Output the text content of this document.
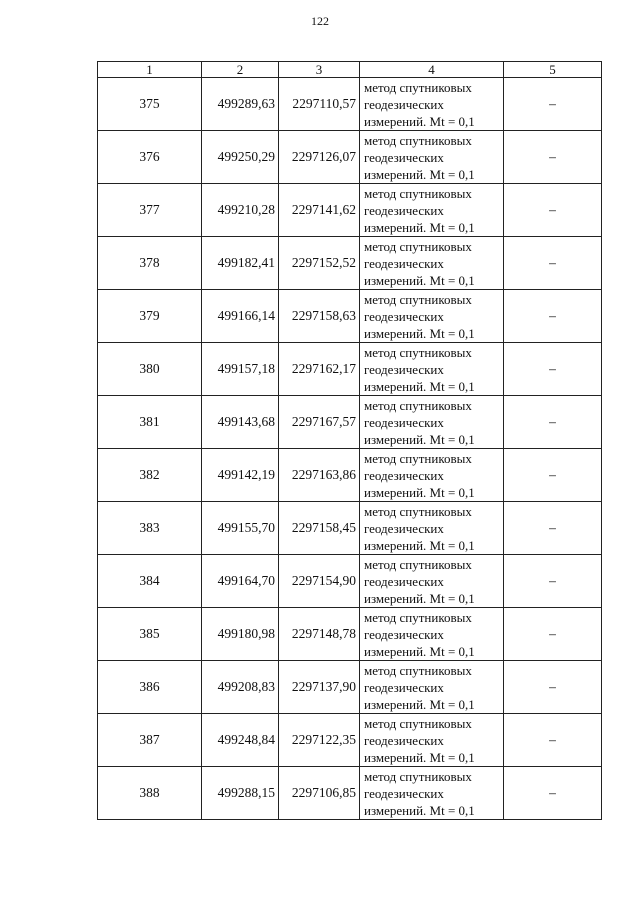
122
1	2	3	4	5
375	499289,63	2297110,57	метод спутниковых геодезических измерений. Mt = 0,1	–
376	499250,29	2297126,07	метод спутниковых геодезических измерений. Mt = 0,1	–
377	499210,28	2297141,62	метод спутниковых геодезических измерений. Mt = 0,1	–
378	499182,41	2297152,52	метод спутниковых геодезических измерений. Mt = 0,1	–
379	499166,14	2297158,63	метод спутниковых геодезических измерений. Mt = 0,1	–
380	499157,18	2297162,17	метод спутниковых геодезических измерений. Mt = 0,1	–
381	499143,68	2297167,57	метод спутниковых геодезических измерений. Mt = 0,1	–
382	499142,19	2297163,86	метод спутниковых геодезических измерений. Mt = 0,1	–
383	499155,70	2297158,45	метод спутниковых геодезических измерений. Mt = 0,1	–
384	499164,70	2297154,90	метод спутниковых геодезических измерений. Mt = 0,1	–
385	499180,98	2297148,78	метод спутниковых геодезических измерений. Mt = 0,1	–
386	499208,83	2297137,90	метод спутниковых геодезических измерений. Mt = 0,1	–
387	499248,84	2297122,35	метод спутниковых геодезических измерений. Mt = 0,1	–
388	499288,15	2297106,85	метод спутниковых геодезических измерений. Mt = 0,1	–
